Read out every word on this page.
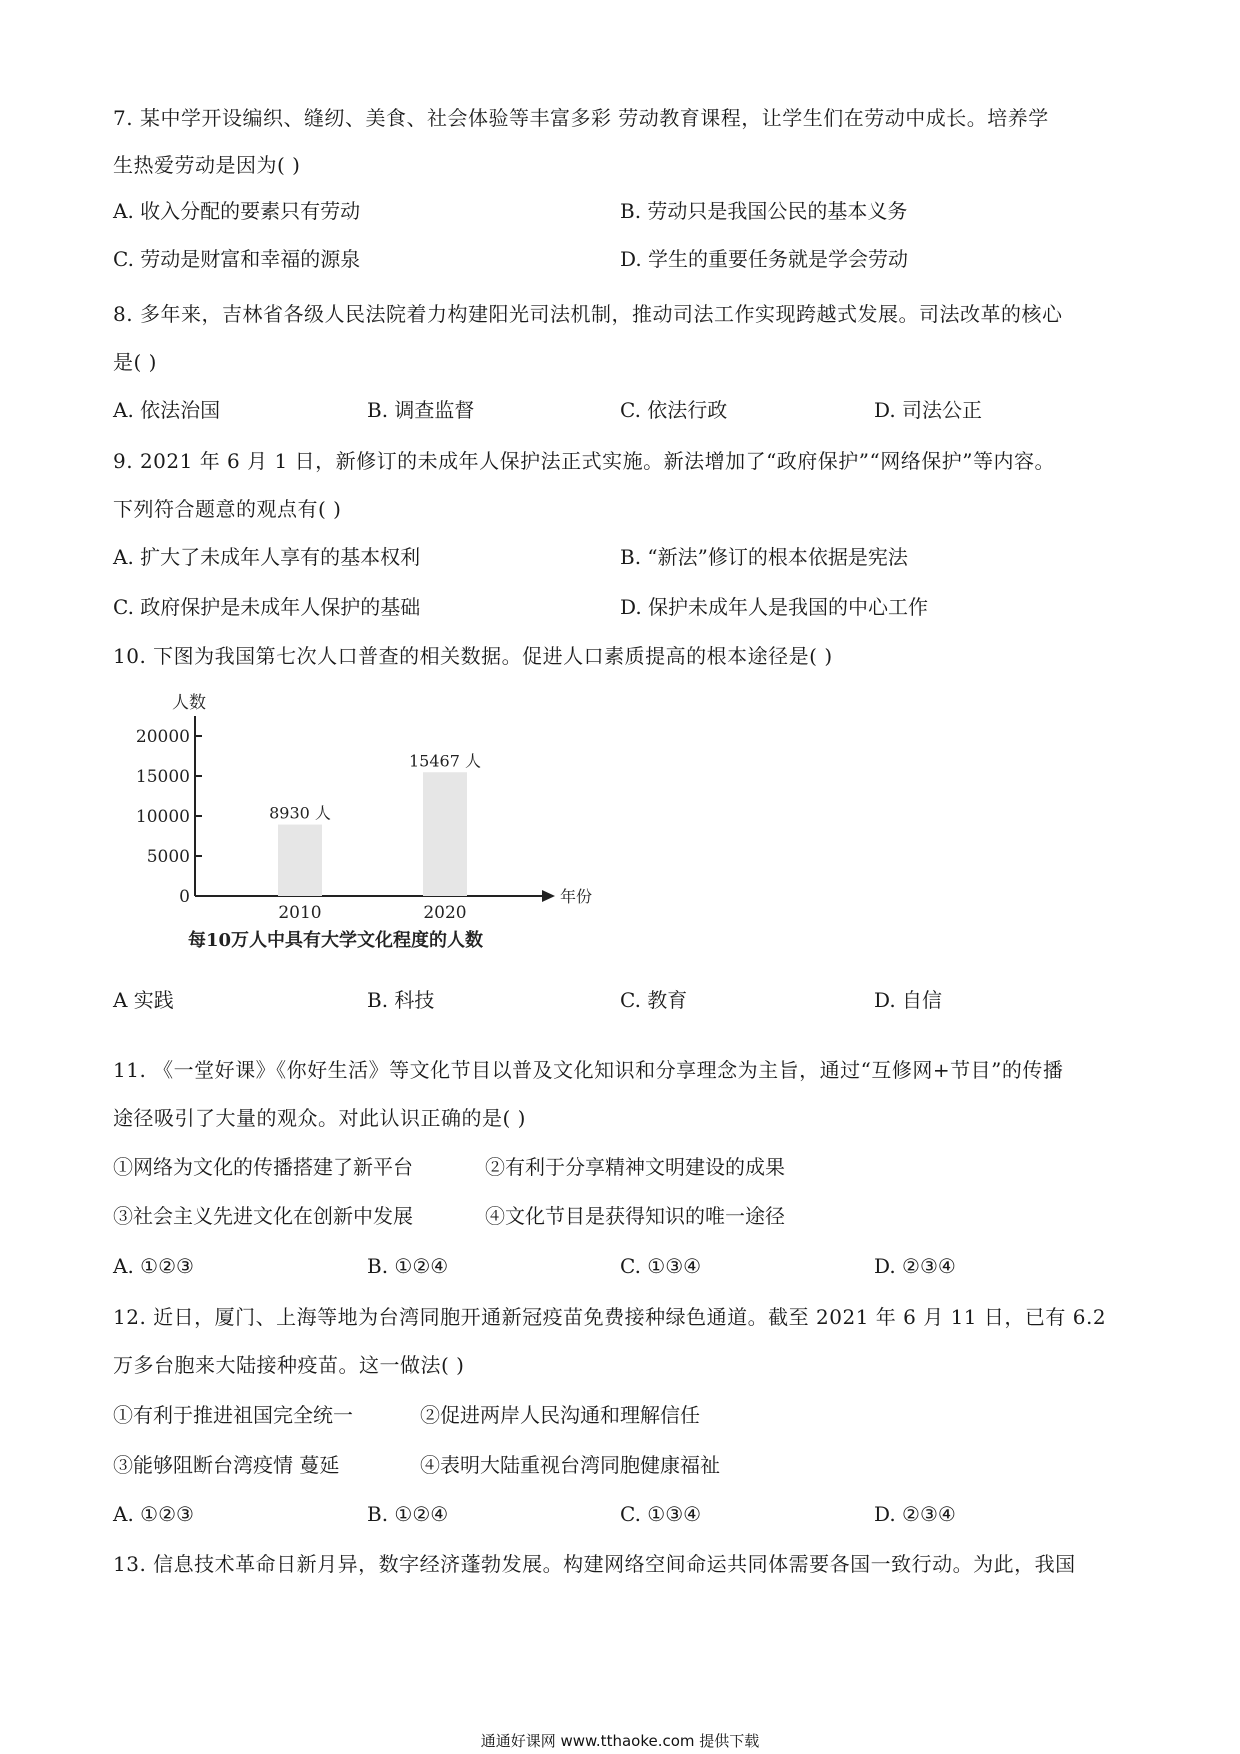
7. 某中学开设编织、缝纫、美食、社会体验等丰富多彩 劳动教育课程，让学生们在劳动中成长。培养学
生热爱劳动是因为( )
A. 收入分配的要素只有劳动	B. 劳动只是我国公民的基本义务
C. 劳动是财富和幸福的源泉	D. 学生的重要任务就是学会劳动
8. 多年来，吉林省各级人民法院着力构建阳光司法机制，推动司法工作实现跨越式发展。司法改革的核心
是( )
A. 依法治国	B. 调查监督	C. 依法行政	D. 司法公正
9. 2021 年 6 月 1 日，新修订的未成年人保护法正式实施。新法增加了“政府保护”“网络保护”等内容。
下列符合题意的观点有( )
A. 扩大了未成年人享有的基本权利	B. “新法”修订的根本依据是宪法
C. 政府保护是未成年人保护的基础	D. 保护未成年人是我国的中心工作
10. 下图为我国第七次人口普查的相关数据。促进人口素质提高的根本途径是( )
人数
年份
每10万人中具有大学文化程度的人数
0
5000
10000
15000
20000
8930 人
2010
15467 人
2020
A 实践	B. 科技	C. 教育	D. 自信
11. 《一堂好课》《你好生活》等文化节目以普及文化知识和分享理念为主旨，通过“互修网+节目”的传播
途径吸引了大量的观众。对此认识正确的是( )
①网络为文化的传播搭建了新平台	②有利于分享精神文明建设的成果
③社会主义先进文化在创新中发展	④文化节目是获得知识的唯一途径
A. ①②③	B. ①②④	C. ①③④	D. ②③④
12. 近日，厦门、上海等地为台湾同胞开通新冠疫苗免费接种绿色通道。截至 2021 年 6 月 11 日，已有 6.2
万多台胞来大陆接种疫苗。这一做法( )
①有利于推进祖国完全统一	②促进两岸人民沟通和理解信任
③能够阻断台湾疫情 蔓延	④表明大陆重视台湾同胞健康福祉
A. ①②③	B. ①②④	C. ①③④	D. ②③④
13. 信息技术革命日新月异，数字经济蓬勃发展。构建网络空间命运共同体需要各国一致行动。为此，我国
通通好课网 www.tthaoke.com 提供下载
